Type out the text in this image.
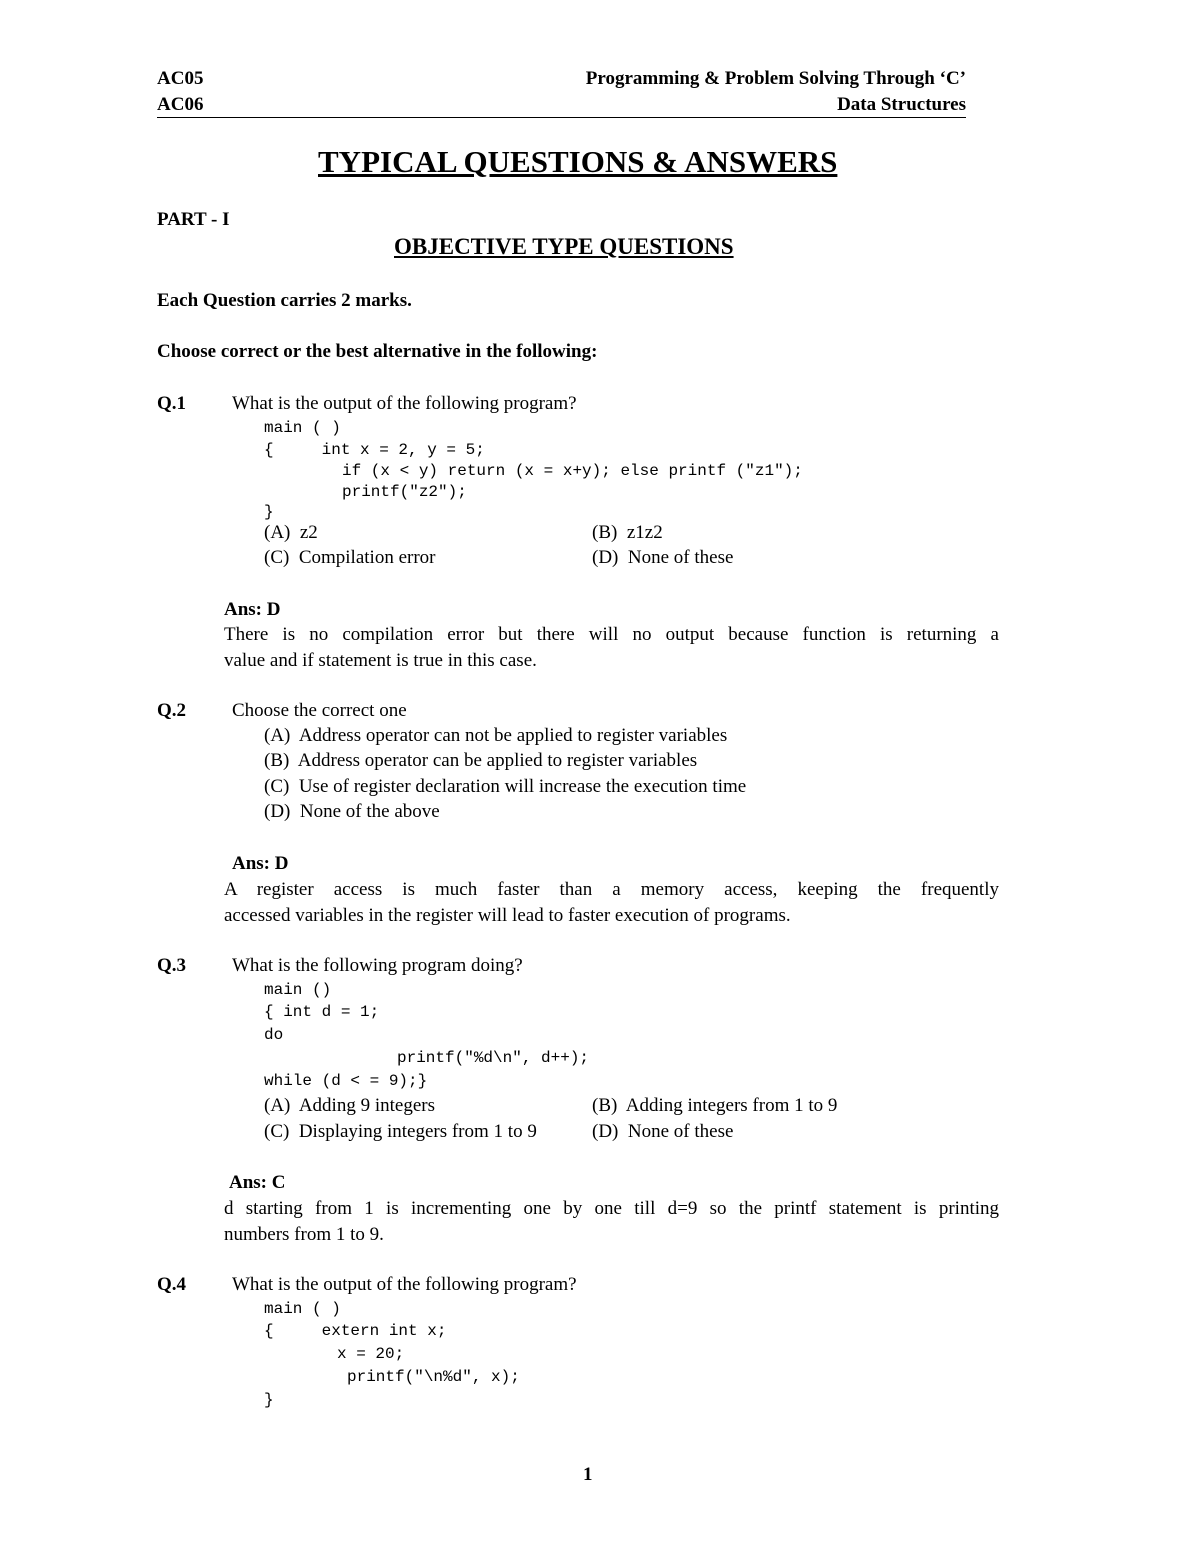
AC05	Programming & Problem Solving Through ‘C’
AC06	Data Structures
TYPICAL QUESTIONS & ANSWERS
PART - I
OBJECTIVE TYPE QUESTIONS
Each Question carries 2 marks.
Choose correct or the best alternative in the following:
Q.1 What is the output of the following program?
main ( )
{     int x = 2, y = 5;
if (x < y) return (x = x+y); else printf ("z1");
printf("z2");
}
(A)  z2	(B)  z1z2
(C)  Compilation error	(D)  None of these
Ans: D
There is no compilation error but there will no output because function is returning a
value and if statement is true in this case.
Q.2 Choose the correct one
(A)  Address operator can not be applied to register variables
(B)  Address operator can be applied to register variables
(C)  Use of register declaration will increase the execution time
(D)  None of the above
Ans: D
A register access is much faster than a memory access, keeping the frequently
accessed variables in the register will lead to faster execution of programs.
Q.3 What is the following program doing?
main ()
{ int d = 1;
do
printf("%d\n", d++);
while (d < = 9);}
(A)  Adding 9 integers	(B)  Adding integers from 1 to 9
(C)  Displaying integers from 1 to 9	(D)  None of these
Ans: C
d starting from 1 is incrementing one by one till d=9 so the printf statement is printing
numbers from 1 to 9.
Q.4 What is the output of the following program?
main ( )
{     extern int x;
x = 20;
printf("\n%d", x);
}
1
